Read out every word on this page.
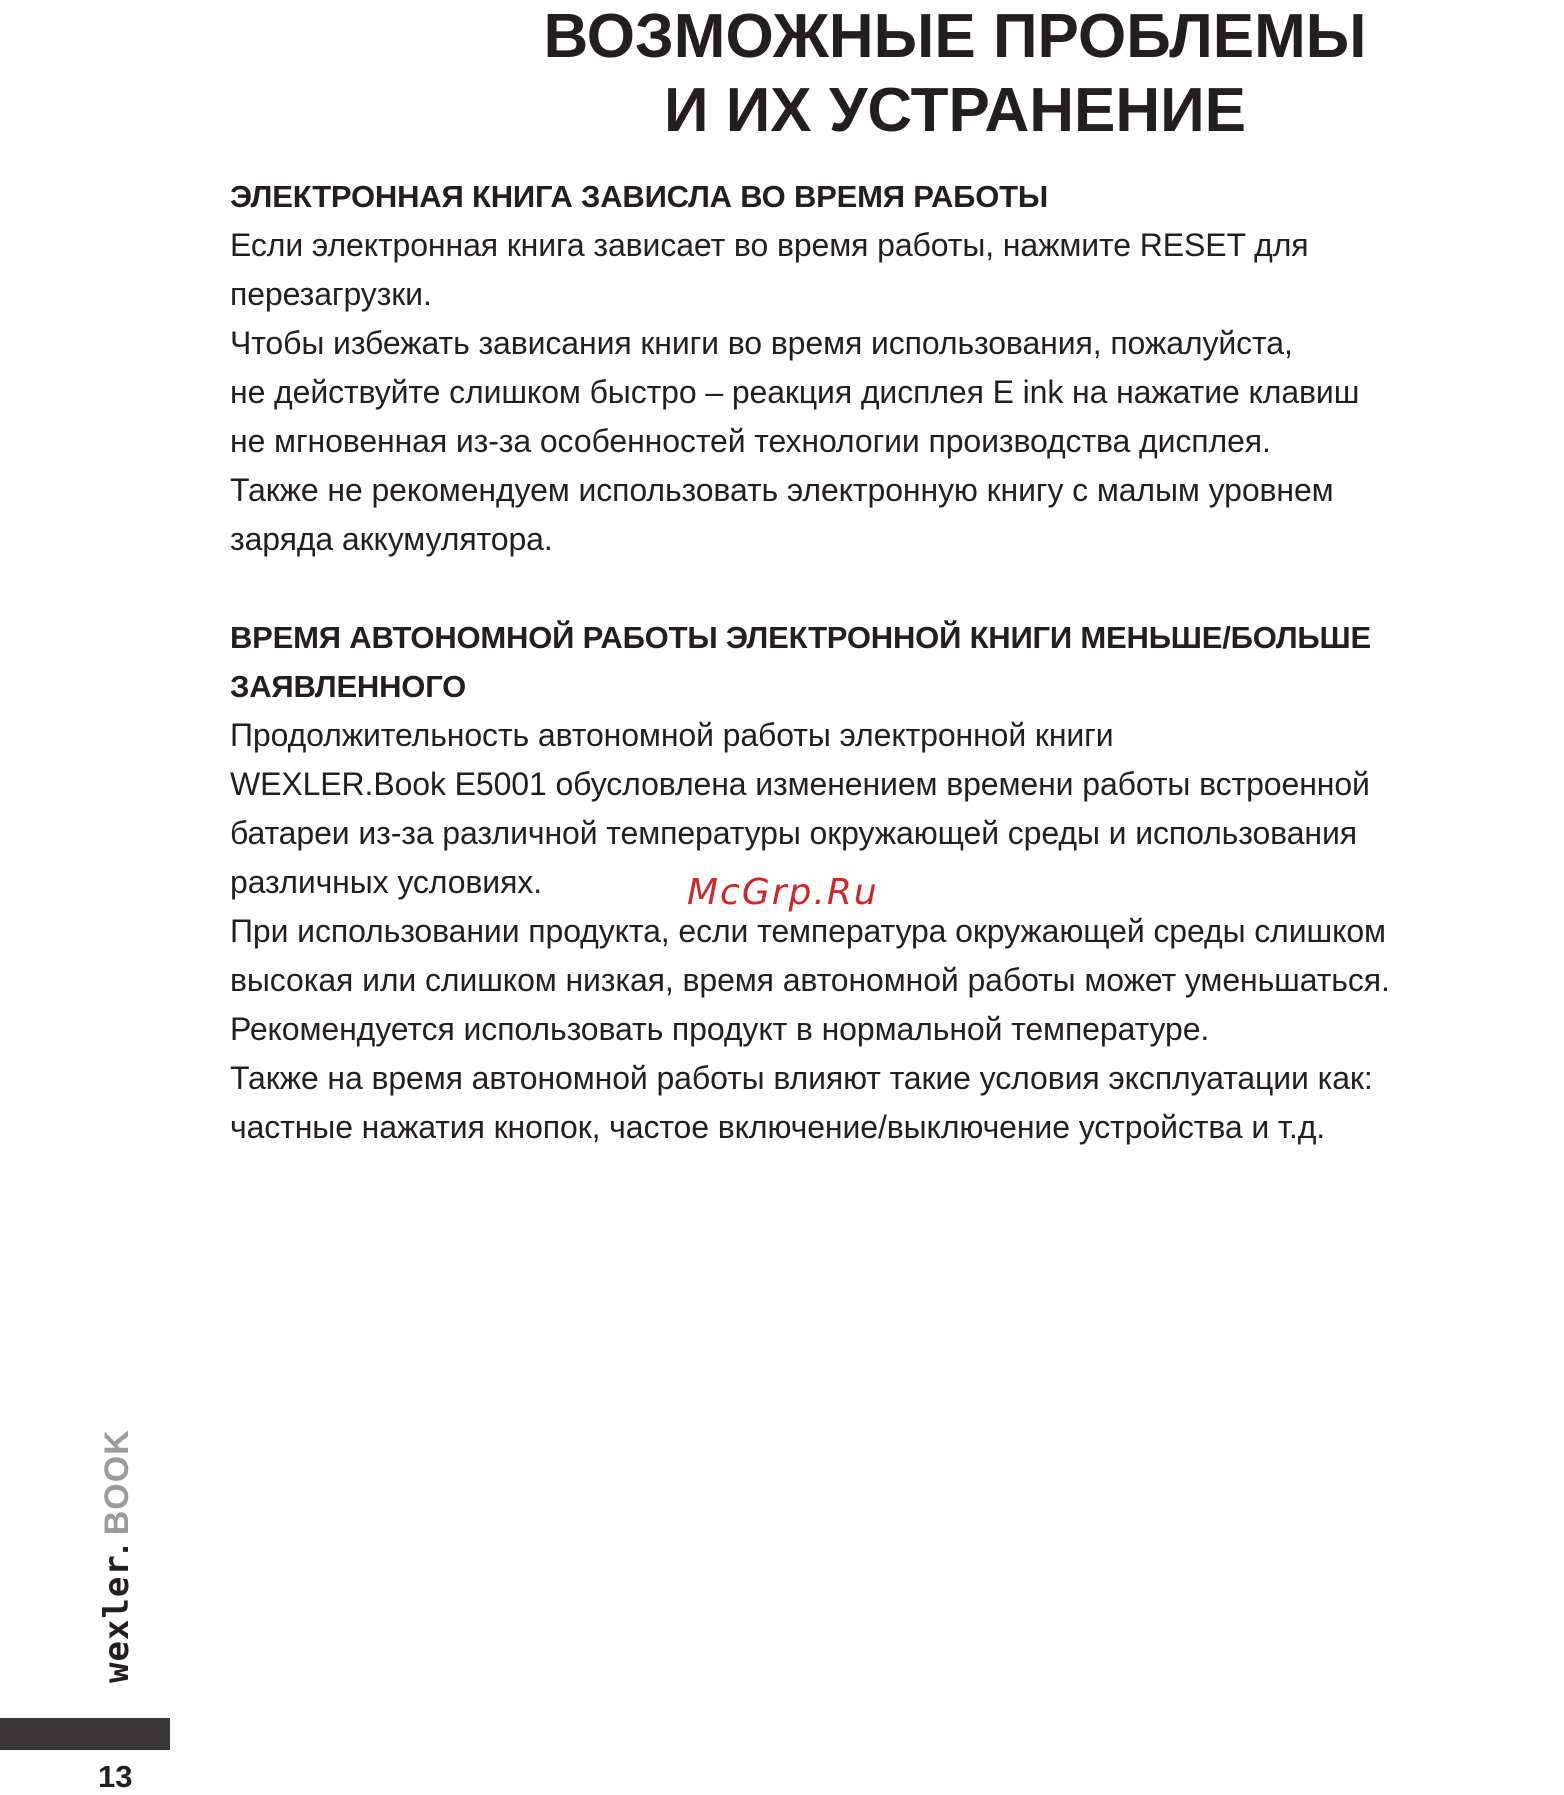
ВОЗМОЖНЫЕ ПРОБЛЕМЫ
И ИХ УСТРАНЕНИЕ
ЭЛЕКТРОННАЯ КНИГА ЗАВИСЛА ВО ВРЕМЯ РАБОТЫ
Если электронная книга зависает во время работы, нажмите RESET для
перезагрузки.
Чтобы избежать зависания книги во время использования, пожалуйста,
не действуйте слишком быстро – реакция дисплея E ink на нажатие клавиш
не мгновенная из-за особенностей технологии производства дисплея.
Также не рекомендуем использовать электронную книгу с малым уровнем
заряда аккумулятора.
ВРЕМЯ АВТОНОМНОЙ РАБОТЫ ЭЛЕКТРОННОЙ КНИГИ МЕНЬШЕ/БОЛЬШЕ
ЗАЯВЛЕННОГО
Продолжительность автономной работы электронной книги
WEXLER.Book E5001 обусловлена изменением времени работы встроенной
батареи из-за различной температуры окружающей среды и использования
различных условиях.
При использовании продукта, если температура окружающей среды слишком
высокая или слишком низкая, время автономной работы может уменьшаться.
Рекомендуется использовать продукт в нормальной температуре.
Также на время автономной работы влияют такие условия эксплуатации как:
частные нажатия кнопок, частое включение/выключение устройства и т.д.
McGrp.Ru
wexler. BOOK
13
